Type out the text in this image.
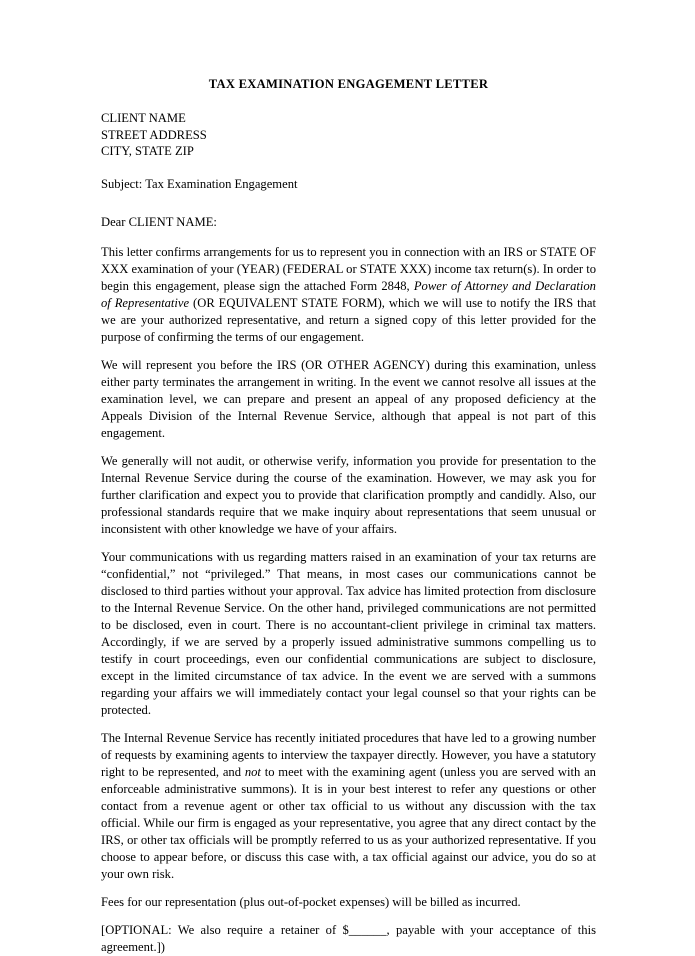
TAX EXAMINATION ENGAGEMENT LETTER
CLIENT NAME
STREET ADDRESS
CITY, STATE ZIP
Subject: Tax Examination Engagement
Dear CLIENT NAME:

This letter confirms arrangements for us to represent you in connection with an IRS or STATE OF XXX examination of your (YEAR) (FEDERAL or STATE XXX) income tax return(s). In order to begin this engagement, please sign the attached Form 2848, Power of Attorney and Declaration of Representative (OR EQUIVALENT STATE FORM), which we will use to notify the IRS that we are your authorized representative, and return a signed copy of this letter provided for the purpose of confirming the terms of our engagement.

We will represent you before the IRS (OR OTHER AGENCY) during this examination, unless either party terminates the arrangement in writing. In the event we cannot resolve all issues at the examination level, we can prepare and present an appeal of any proposed deficiency at the Appeals Division of the Internal Revenue Service, although that appeal is not part of this engagement.

We generally will not audit, or otherwise verify, information you provide for presentation to the Internal Revenue Service during the course of the examination. However, we may ask you for further clarification and expect you to provide that clarification promptly and candidly. Also, our professional standards require that we make inquiry about representations that seem unusual or inconsistent with other knowledge we have of your affairs.

Your communications with us regarding matters raised in an examination of your tax returns are “confidential,” not “privileged.” That means, in most cases our communications cannot be disclosed to third parties without your approval. Tax advice has limited protection from disclosure to the Internal Revenue Service. On the other hand, privileged communications are not permitted to be disclosed, even in court. There is no accountant-client privilege in criminal tax matters. Accordingly, if we are served by a properly issued administrative summons compelling us to testify in court proceedings, even our confidential communications are subject to disclosure, except in the limited circumstance of tax advice. In the event we are served with a summons regarding your affairs we will immediately contact your legal counsel so that your rights can be protected.

The Internal Revenue Service has recently initiated procedures that have led to a growing number of requests by examining agents to interview the taxpayer directly. However, you have a statutory right to be represented, and not to meet with the examining agent (unless you are served with an enforceable administrative summons). It is in your best interest to refer any questions or other contact from a revenue agent or other tax official to us without any discussion with the tax official. While our firm is engaged as your representative, you agree that any direct contact by the IRS, or other tax officials will be promptly referred to us as your authorized representative. If you choose to appear before, or discuss this case with, a tax official against our advice, you do so at your own risk.

Fees for our representation (plus out-of-pocket expenses) will be billed as incurred.

[OPTIONAL: We also require a retainer of $______, payable with your acceptance of this agreement.])
